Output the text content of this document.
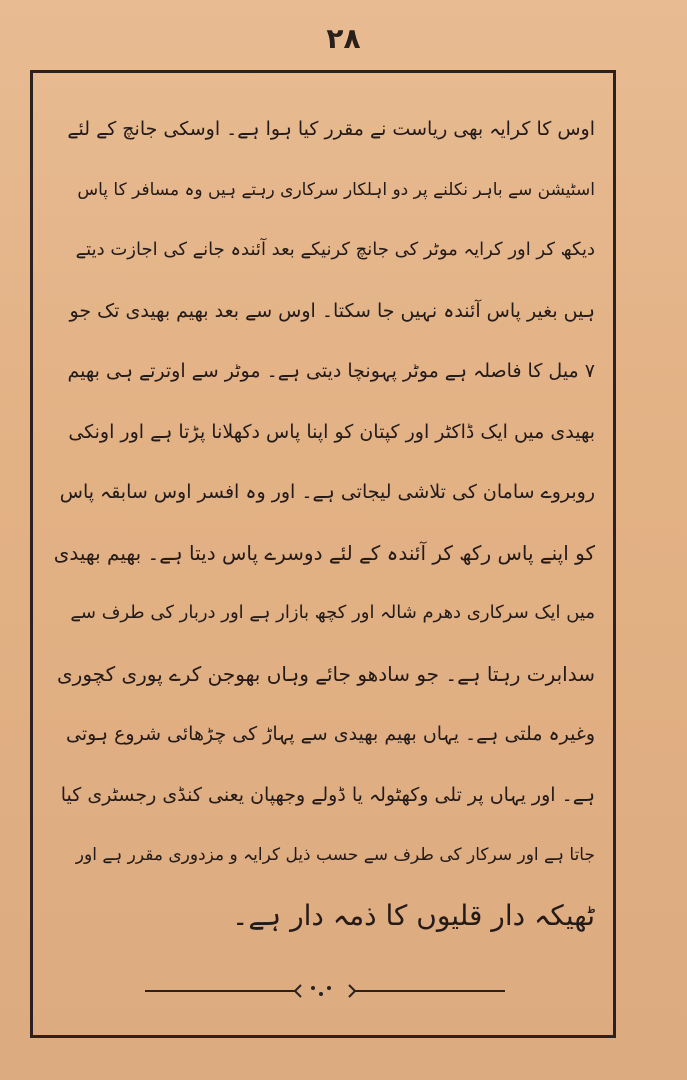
۲۸
اوس کا کرایہ بھی ریاست نے مقرر کیا ہوا ہے۔ اوسکی جانچ کے لئے
اسٹیشن سے باہر نکلنے پر دو اہلکار سرکاری رہتے ہیں وہ مسافر کا پاس
دیکھ کر اور کرایہ موٹر کی جانچ کرنیکے بعد آئندہ جانے کی اجازت دیتے
ہیں بغیر پاس آئندہ نہیں جا سکتا۔ اوس سے بعد بھیم بھیدی تک جو
۷ میل کا فاصلہ ہے موٹر پہونچا دیتی ہے۔ موٹر سے اوترتے ہی بھیم
بھیدی میں ایک ڈاکٹر اور کپتان کو اپنا پاس دکھلانا پڑتا ہے اور اونکی
روبروے سامان کی تلاشی لیجاتی ہے۔ اور وہ افسر اوس سابقہ پاس
کو اپنے پاس رکھ کر آئندہ کے لئے دوسرے پاس دیتا ہے۔ بھیم بھیدی
میں ایک سرکاری دھرم شالہ اور کچھ بازار ہے اور دربار کی طرف سے
سدابرت رہتا ہے۔ جو سادھو جائے وہاں بھوجن کرے پوری کچوری
وغیرہ ملتی ہے۔ یہاں بھیم بھیدی سے پہاڑ کی چڑھائی شروع ہوتی
ہے۔ اور یہاں پر تلی وکھٹولہ یا ڈولے وجھپان یعنی کنڈی رجسٹری کیا
جاتا ہے اور سرکار کی طرف سے حسب ذیل کرایہ و مزدوری مقرر ہے اور
ٹھیکہ دار قلیوں کا ذمہ دار ہے۔
